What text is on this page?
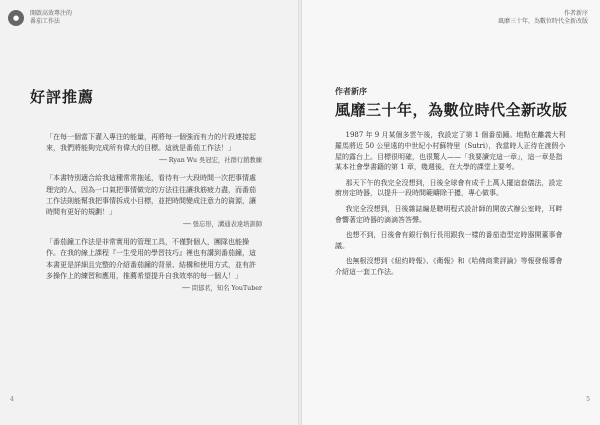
●
開啟高效專注的
番茄工作法
好評推薦

「在每一個當下灌入專注的能量，再將每一個強而有力的片段連接起來，我們將能夠完成所有偉大的目標。這就是番茄工作法！」

── Ryan Wu 吳冠宏，社群行銷教練

「本書特別適合給我這種常常拖延，看待有一大段時間一次把事情處理完的人，因為一口氣把事情做完的方法往往讓我筋疲力盡，而番茄工作法則能幫我把事情拆成小目標，並把時間變成注意力的資源，讓時間有更好的規劃！」

── 張忘形，溝通表達培訓師

「番茄鐘工作法是非常實用的管理工具，不僅對個人，團隊也能操作。在我的線上課程『一生受用的學習技巧』裡也有講到番茄鐘，這本書更是詳細且完整的介紹番茄鐘的背景、結構和使用方式，並有許多操作上的練習和應用，推薦希望提升自我效率的每一個人！」

── 問郁茗，知名 YouTuber

4
作者新序
風靡三十年，為數位時代全新改版
5
作者新序
風靡三十年，為數位時代全新改版

1987 年 9 月某個多雲午後，我設定了第 1 個番茄鐘。地點在離義大利羅馬將近 50 公里遠的中世紀小村蘇特里（Sutri），我當時人正待在渡假小屋的露台上。目標很明確，也很驚人——「我要讀完這一章」，這一章是指某本社會學書籍的第 1 章，幾週後，在大學的課堂上要考。

那天下午的我完全沒想到，日後全球會有成千上萬人擺這套儀法，設定廚房定時器，以提升一段時間範疇除干擾，專心做事。

我完全沒想到，日後雜誌編是聰明程式設計師的開放式辦公室時，耳畔會響著定時器的滴滴答答聲。

也想不到，日後會有銀行執行長用跟我一樣的番茄造型定時器開董事會議。

也無根沒想到《紐約時報》、《衛報》和《哈佛商業評論》等報發報導會介紹這一套工作法。
